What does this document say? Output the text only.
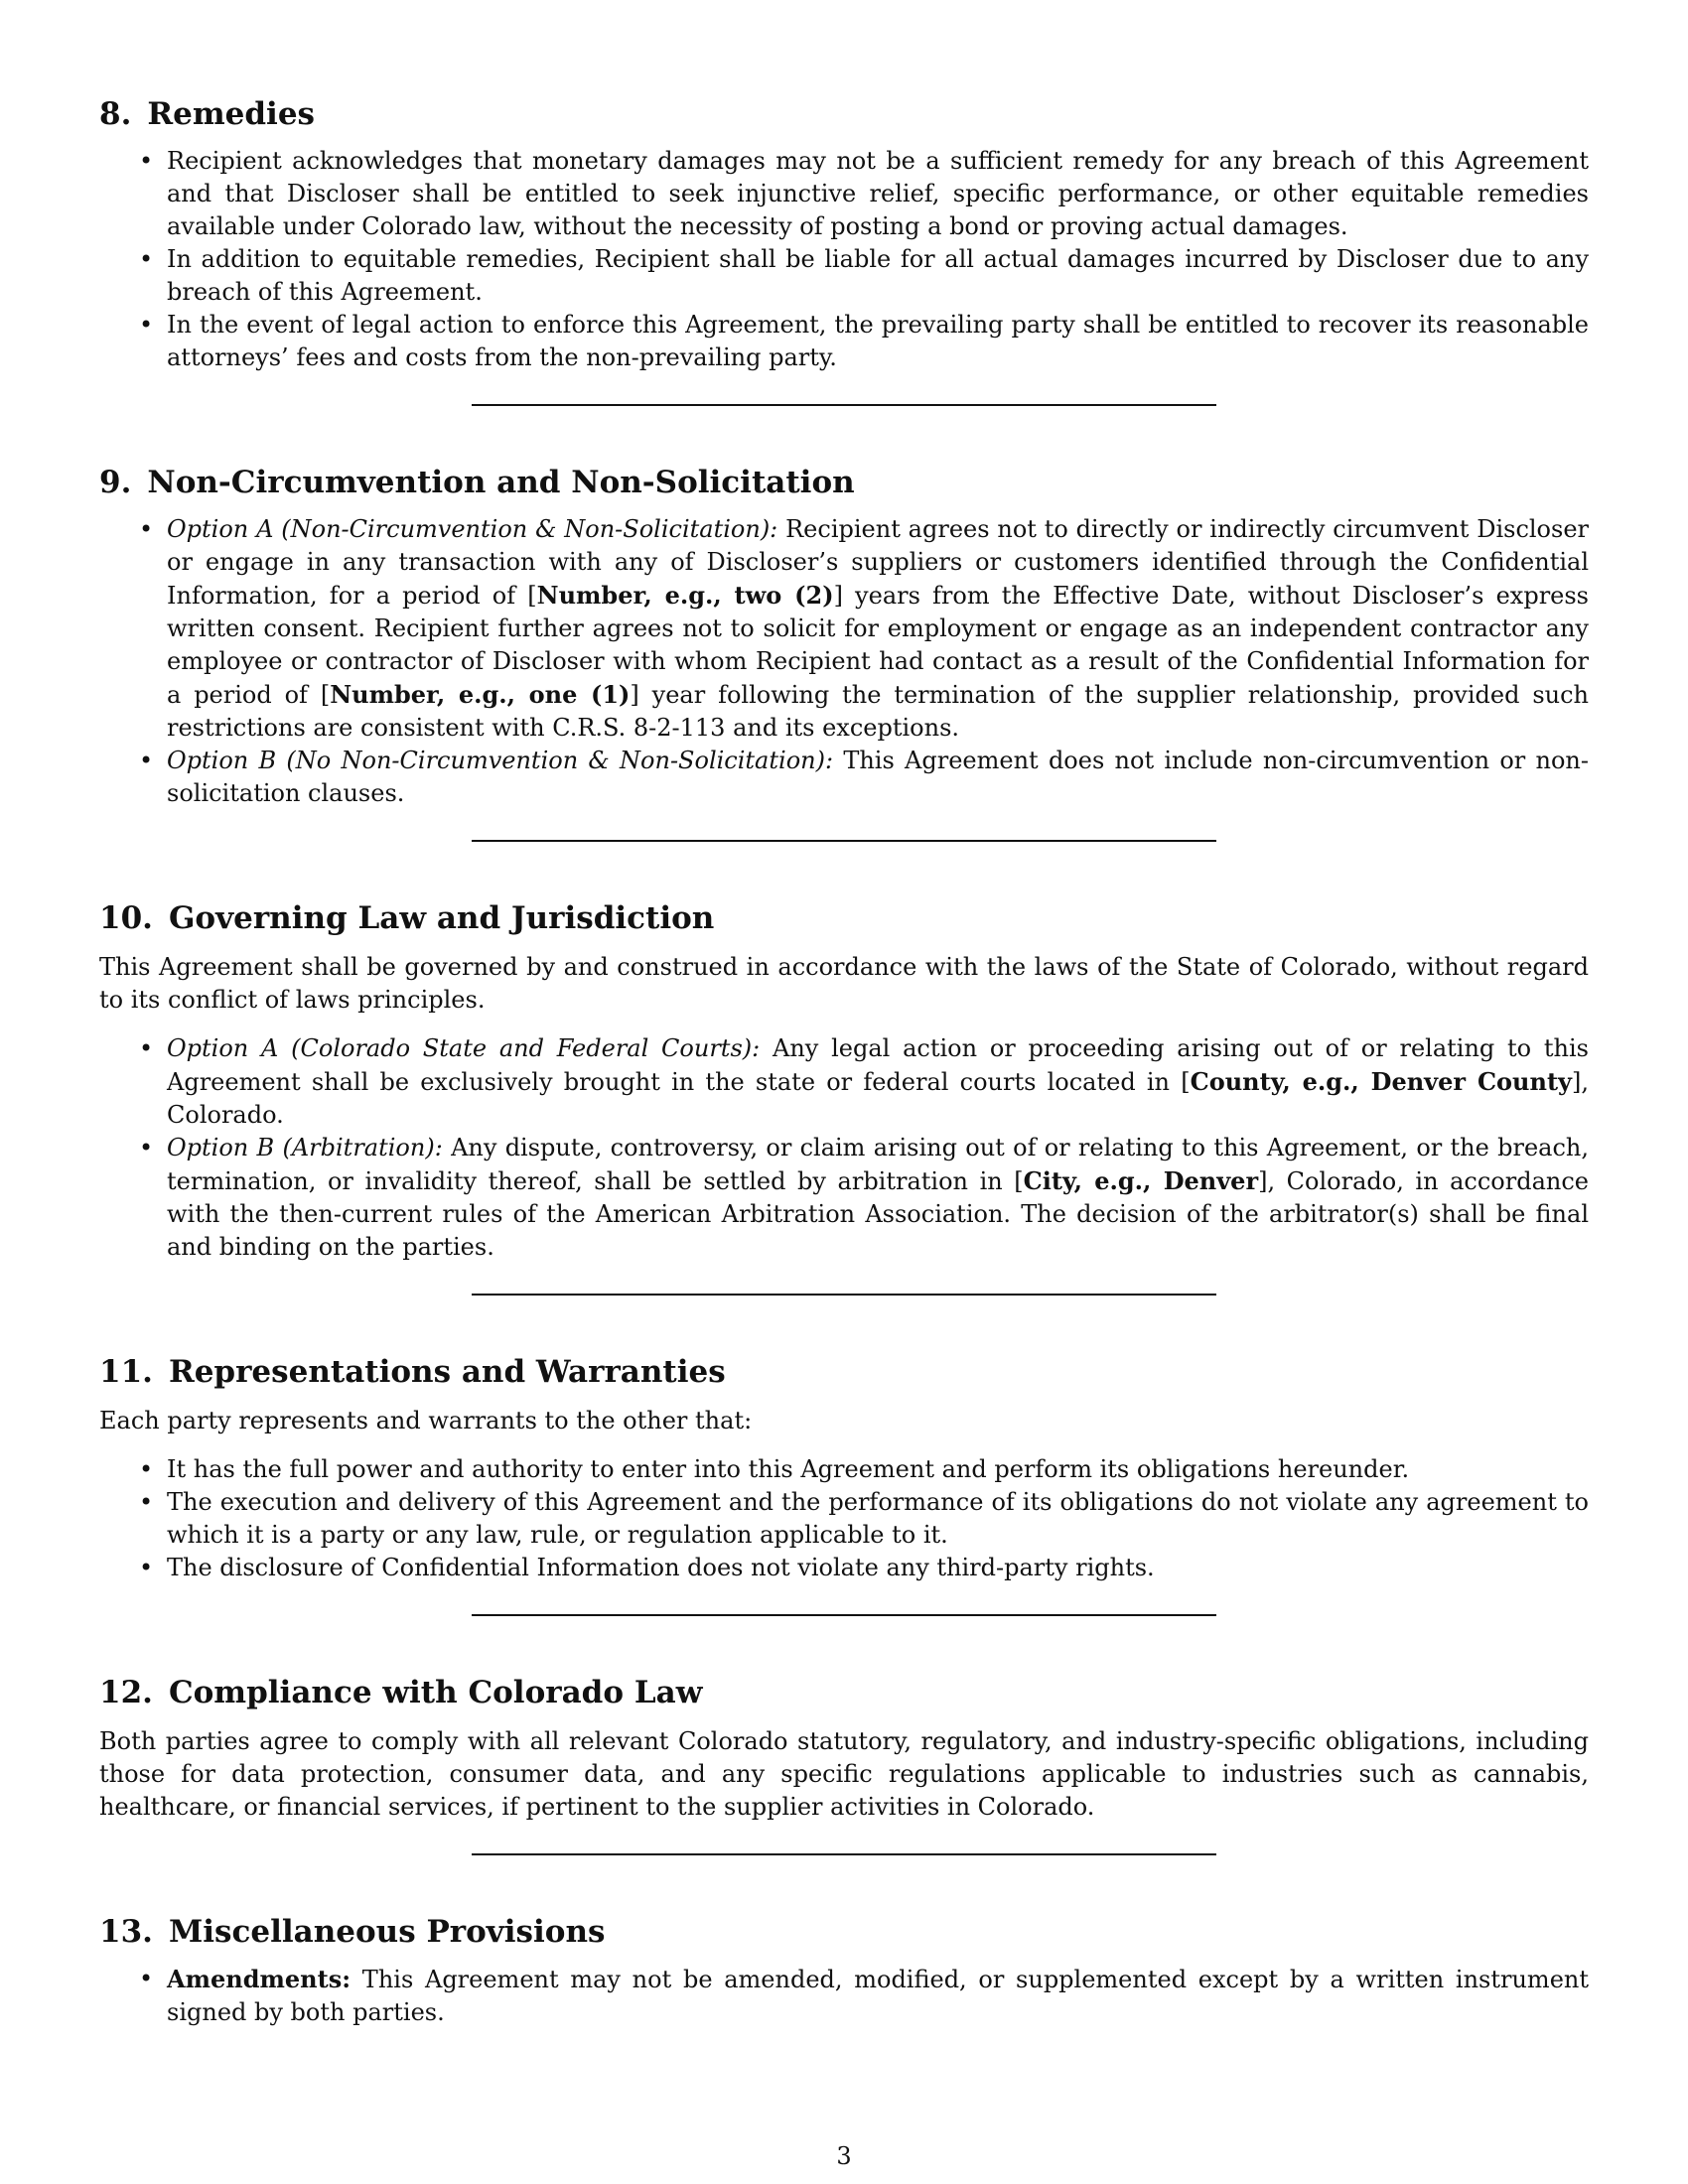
8. Remedies
• Recipient acknowledges that monetary damages may not be a sufficient remedy for any breach of this Agreement and that Discloser shall be entitled to seek injunctive relief, specific performance, or other equitable remedies available under Colorado law, without the necessity of posting a bond or proving actual damages.
• In addition to equitable remedies, Recipient shall be liable for all actual damages incurred by Discloser due to any breach of this Agreement.
• In the event of legal action to enforce this Agreement, the prevailing party shall be entitled to recover its reasonable attorneys’ fees and costs from the non-prevailing party.
9. Non-Circumvention and Non-Solicitation
• Option A (Non-Circumvention & Non-Solicitation): Recipient agrees not to directly or indirectly circumvent Discloser or engage in any transaction with any of Discloser’s suppliers or customers identified through the Confidential Information, for a period of [Number, e.g., two (2)] years from the Effective Date, without Discloser’s express written consent. Recipient further agrees not to solicit for employment or engage as an independent contractor any employee or contractor of Discloser with whom Recipient had contact as a result of the Confidential Information for a period of [Number, e.g., one (1)] year following the termination of the supplier relationship, provided such restrictions are consistent with C.R.S. 8-2-113 and its exceptions.
• Option B (No Non-Circumvention & Non-Solicitation): This Agreement does not include non-circumvention or non-solicitation clauses.
10. Governing Law and Jurisdiction

This Agreement shall be governed by and construed in accordance with the laws of the State of Colorado, without regard to its conflict of laws principles.

• Option A (Colorado State and Federal Courts): Any legal action or proceeding arising out of or relating to this Agreement shall be exclusively brought in the state or federal courts located in [County, e.g., Denver County], Colorado.
• Option B (Arbitration): Any dispute, controversy, or claim arising out of or relating to this Agreement, or the breach, termination, or invalidity thereof, shall be settled by arbitration in [City, e.g., Denver], Colorado, in accordance with the then-current rules of the American Arbitration Association. The decision of the arbitrator(s) shall be final and binding on the parties.
11. Representations and Warranties

Each party represents and warrants to the other that:

• It has the full power and authority to enter into this Agreement and perform its obligations hereunder.
• The execution and delivery of this Agreement and the performance of its obligations do not violate any agreement to which it is a party or any law, rule, or regulation applicable to it.
• The disclosure of Confidential Information does not violate any third-party rights.
12. Compliance with Colorado Law

Both parties agree to comply with all relevant Colorado statutory, regulatory, and industry-specific obligations, including those for data protection, consumer data, and any specific regulations applicable to industries such as cannabis, healthcare, or financial services, if pertinent to the supplier activities in Colorado.

13. Miscellaneous Provisions
• Amendments: This Agreement may not be amended, modified, or supplemented except by a written instrument signed by both parties.
3
